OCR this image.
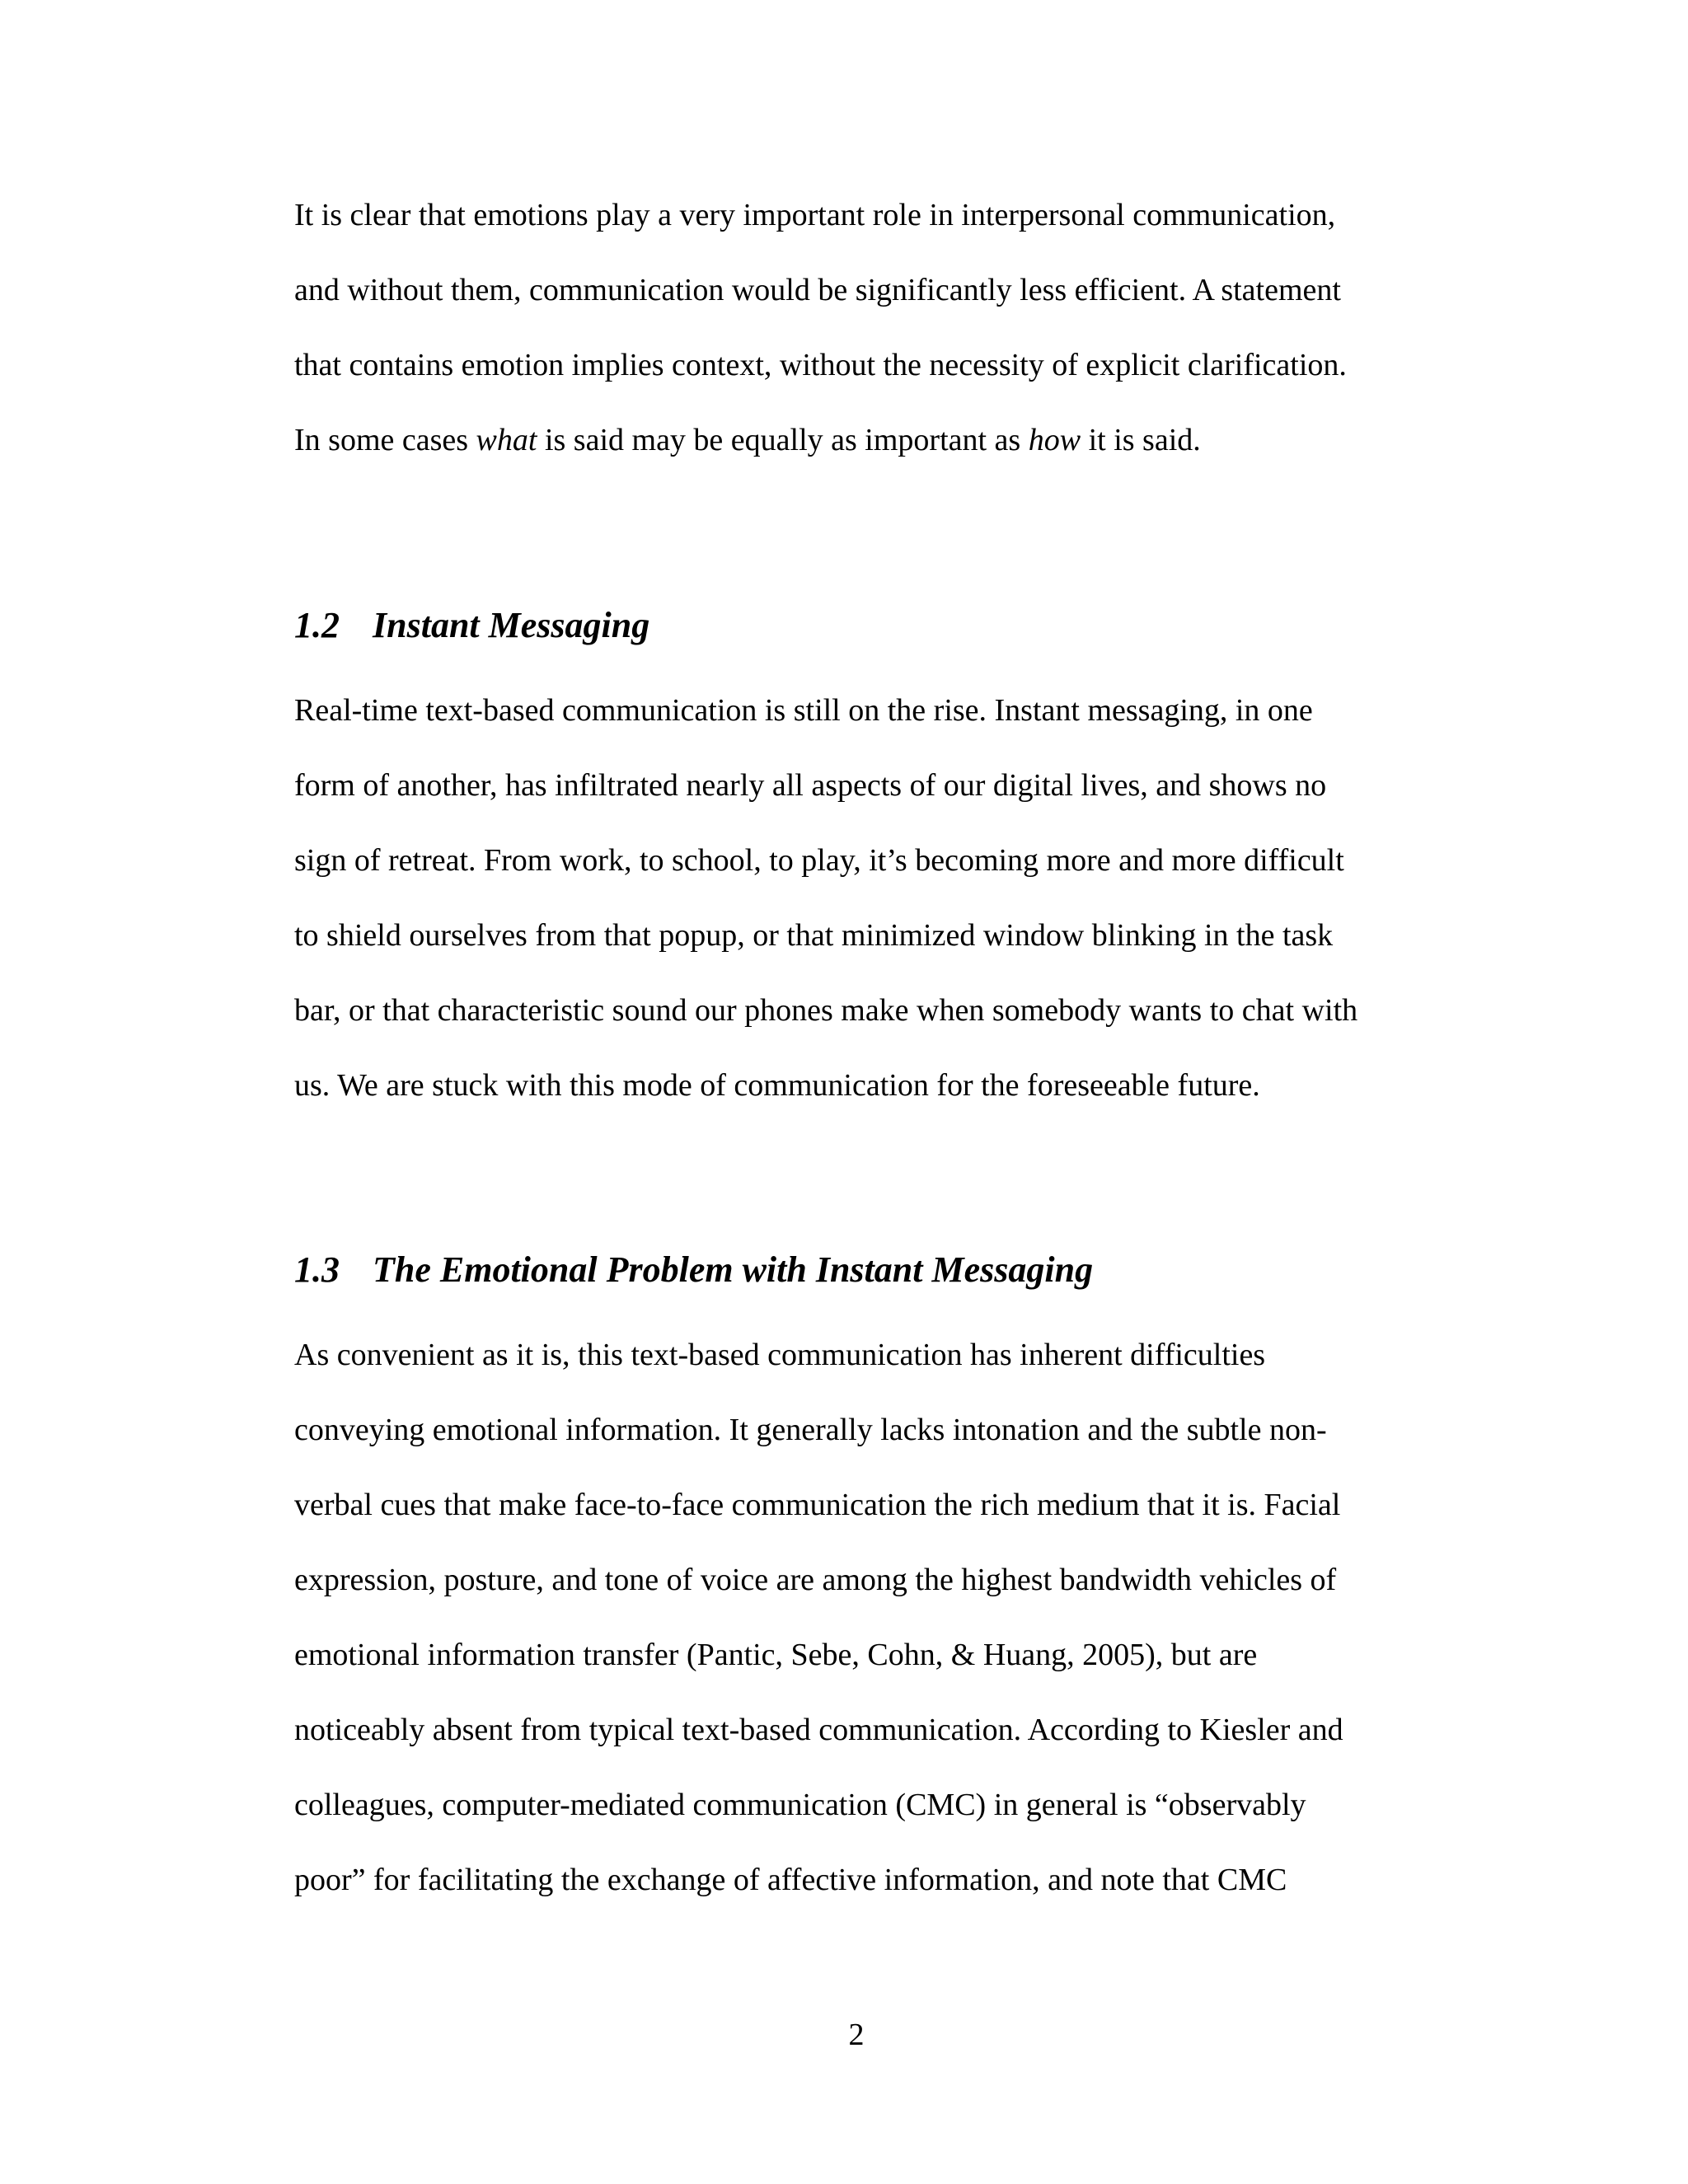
It is clear that emotions play a very important role in interpersonal communication,

and without them, communication would be significantly less efficient. A statement

that contains emotion implies context, without the necessity of explicit clarification.

In some cases what is said may be equally as important as how it is said.

1.2 Instant Messaging

Real-time text-based communication is still on the rise. Instant messaging, in one

form of another, has infiltrated nearly all aspects of our digital lives, and shows no

sign of retreat. From work, to school, to play, it’s becoming more and more difficult

to shield ourselves from that popup, or that minimized window blinking in the task

bar, or that characteristic sound our phones make when somebody wants to chat with

us. We are stuck with this mode of communication for the foreseeable future.

1.3 The Emotional Problem with Instant Messaging

As convenient as it is, this text-based communication has inherent difficulties

conveying emotional information. It generally lacks intonation and the subtle non-

verbal cues that make face-to-face communication the rich medium that it is. Facial

expression, posture, and tone of voice are among the highest bandwidth vehicles of

emotional information transfer (Pantic, Sebe, Cohn, & Huang, 2005), but are

noticeably absent from typical text-based communication. According to Kiesler and

colleagues, computer-mediated communication (CMC) in general is “observably

poor” for facilitating the exchange of affective information, and note that CMC

2
